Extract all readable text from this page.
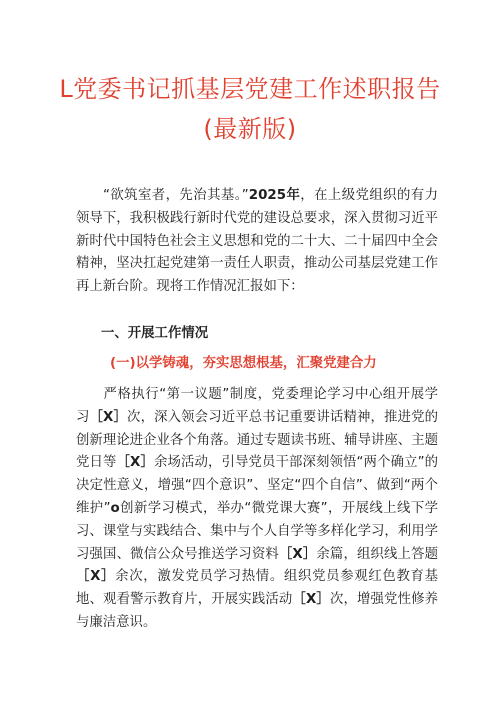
L党委书记抓基层党建工作述职报告
(最新版)

“欲筑室者，先治其基。”2025年，在上级党组织的有力领导下，我积极践行新时代党的建设总要求，深入贯彻习近平新时代中国特色社会主义思想和党的二十大、二十届四中全会精神，坚决扛起党建第一责任人职责，推动公司基层党建工作再上新台阶。现将工作情况汇报如下：

一、开展工作情况

(一)以学铸魂，夯实思想根基，汇聚党建合力

严格执行“第一议题”制度，党委理论学习中心组开展学习［X］次，深入领会习近平总书记重要讲话精神，推进党的创新理论进企业各个角落。通过专题读书班、辅导讲座、主题党日等［X］余场活动，引导党员干部深刻领悟“两个确立”的决定性意义，增强“四个意识”、坚定“四个自信”、做到“两个维护”o创新学习模式，举办“微党课大赛”，开展线上线下学习、课堂与实践结合、集中与个人自学等多样化学习，利用学习强国、微信公众号推送学习资料［X］余篇，组织线上答题［X］余次，激发党员学习热情。组织党员参观红色教育基地、观看警示教育片，开展实践活动［X］次，增强党性修养与廉洁意识。
